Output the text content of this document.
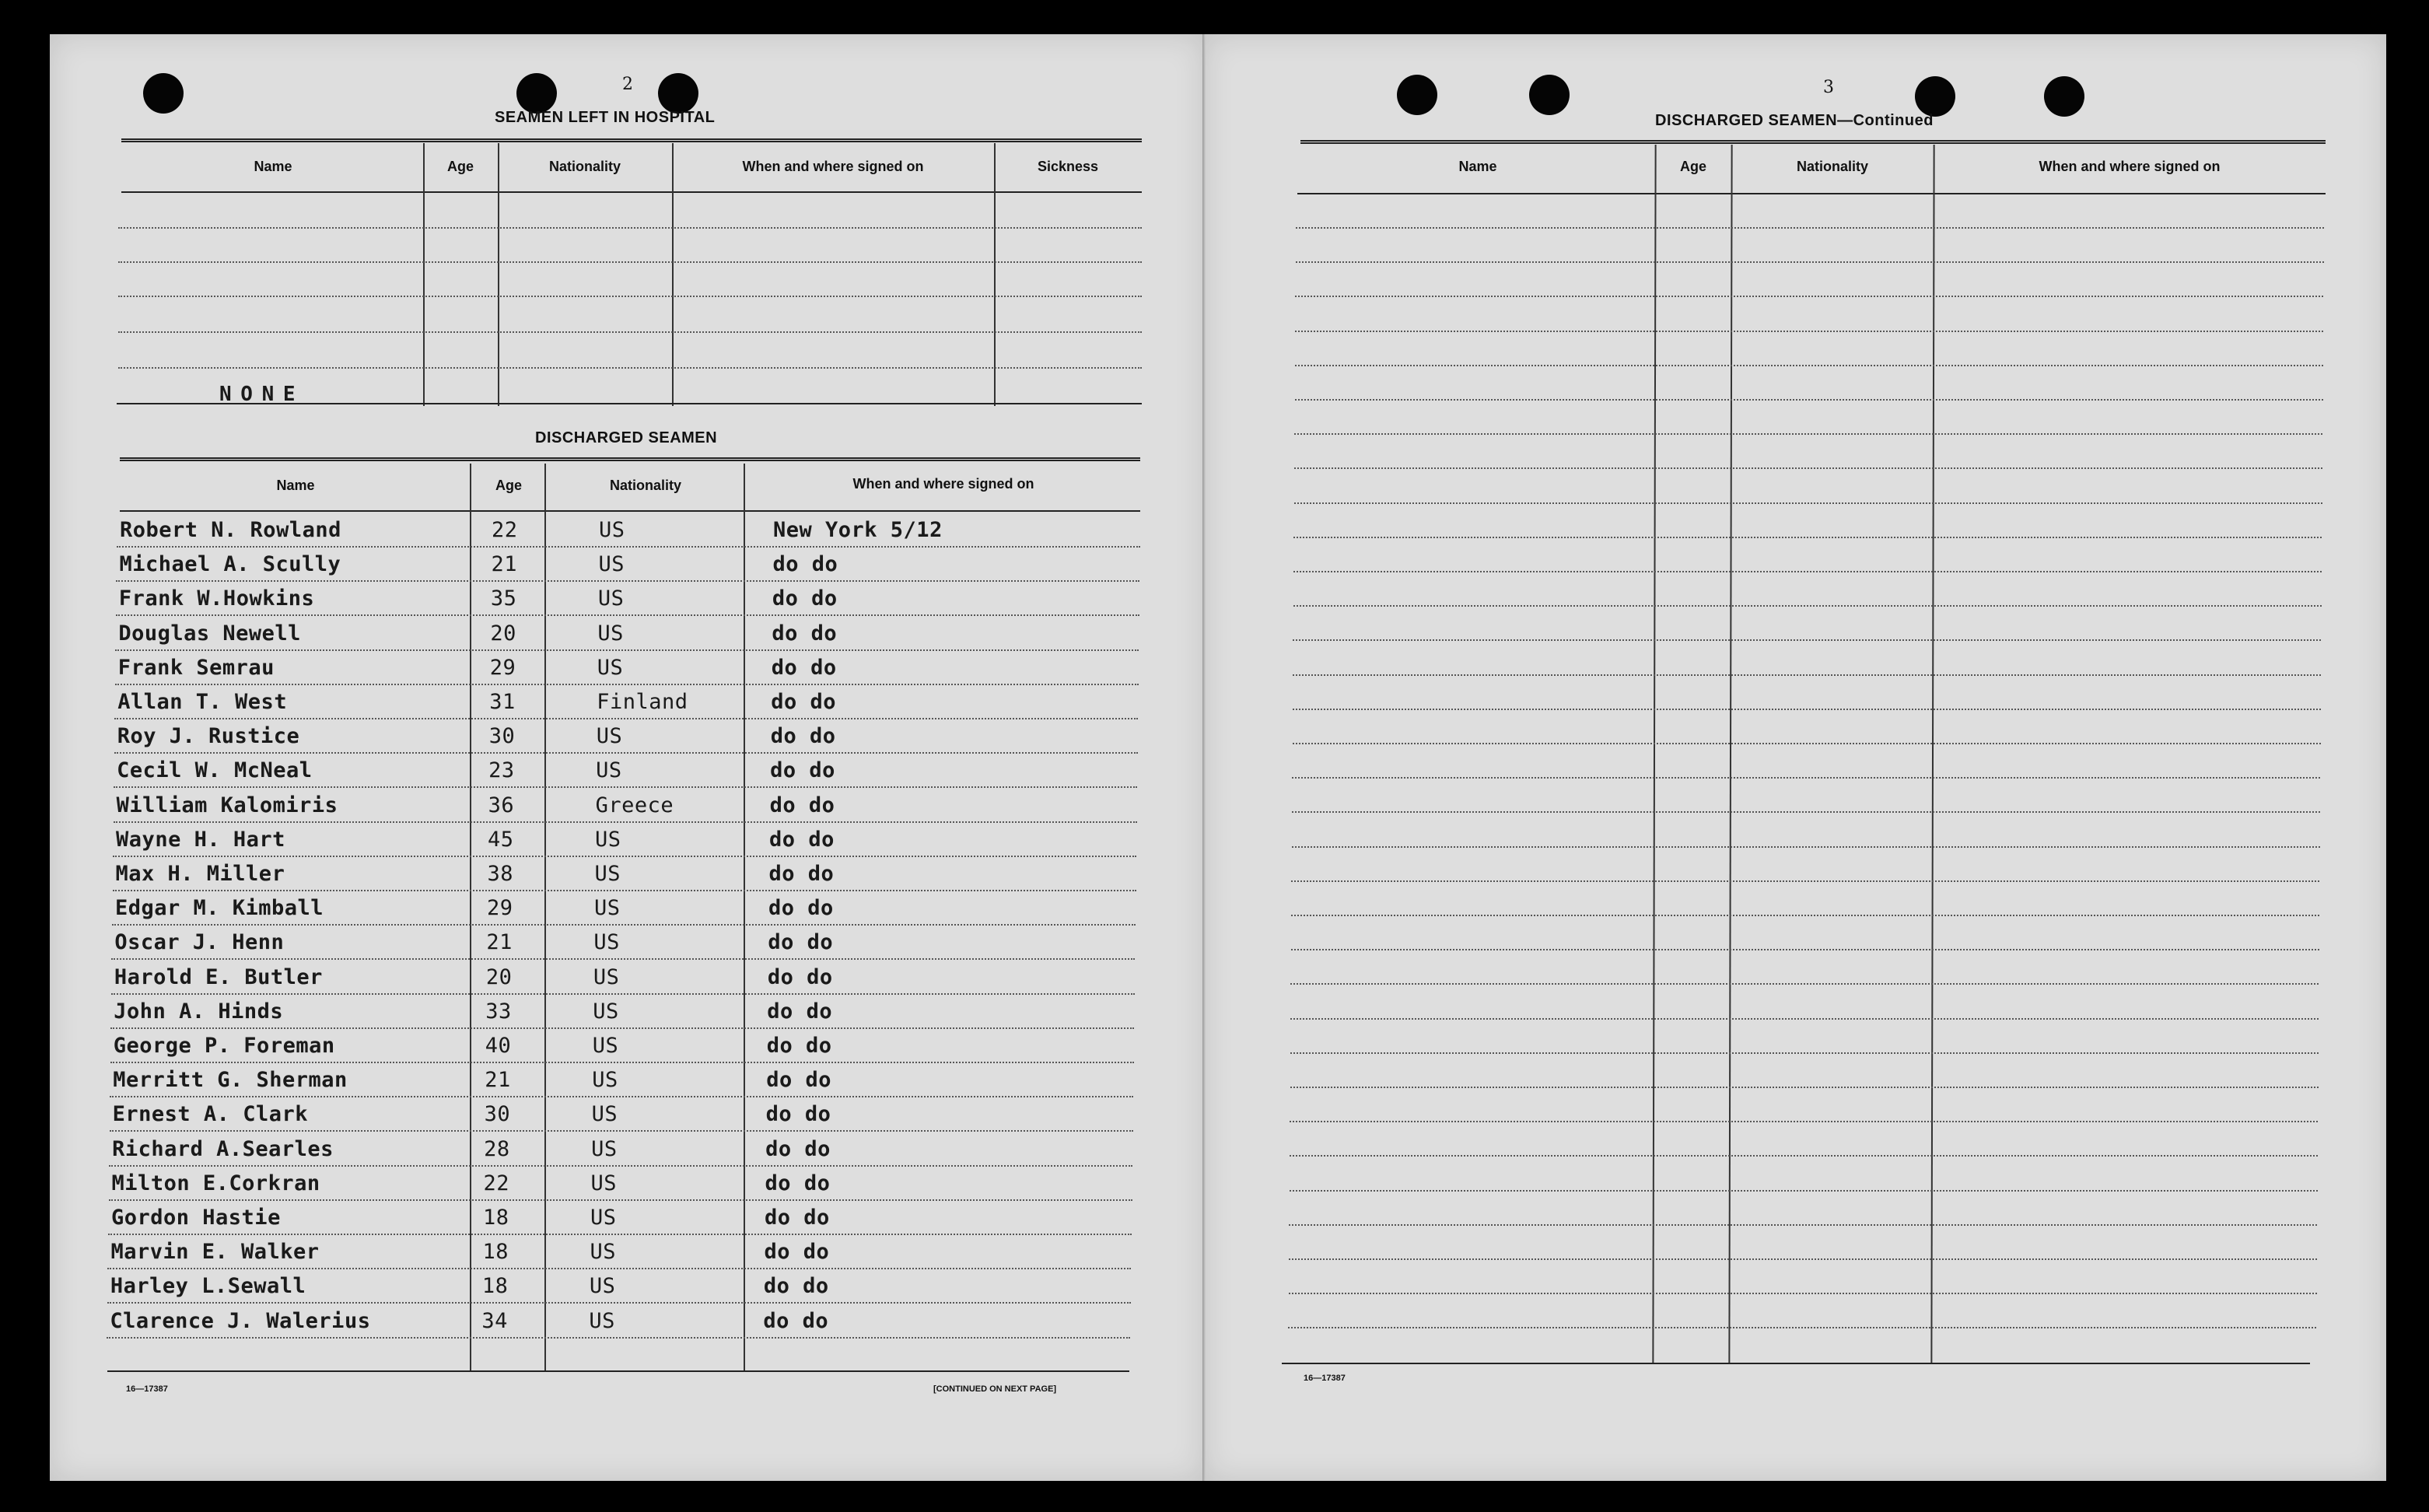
2
SEAMEN LEFT IN HOSPITAL
Name	Age	Nationality	When and where signed on	Sickness
N O N E
DISCHARGED SEAMEN
Name	Age	Nationality	When and where signed on
Robert N. Rowland	22	US	New York 5/12
Michael A. Scully	21	US	do do
Frank W.Howkins	35	US	do do
Douglas Newell	20	US	do do
Frank Semrau	29	US	do do
Allan T. West	31	Finland	do do
Roy J. Rustice	30	US	do do
Cecil W. McNeal	23	US	do do
William Kalomiris	36	Greece	do do
Wayne H. Hart	45	US	do do
Max H. Miller	38	US	do do
Edgar M. Kimball	29	US	do do
Oscar J. Henn	21	US	do do
Harold E. Butler	20	US	do do
John A. Hinds	33	US	do do
George P. Foreman	40	US	do do
Merritt G. Sherman	21	US	do do
Ernest A. Clark	30	US	do do
Richard A.Searles	28	US	do do
Milton E.Corkran	22	US	do do
Gordon Hastie	18	US	do do
Marvin E. Walker	18	US	do do
Harley L.Sewall	18	US	do do
Clarence J. Walerius	34	US	do do
16—17387	[CONTINUED ON NEXT PAGE]
3
DISCHARGED SEAMEN—Continued
Name	Age	Nationality	When and where signed on
16—17387
